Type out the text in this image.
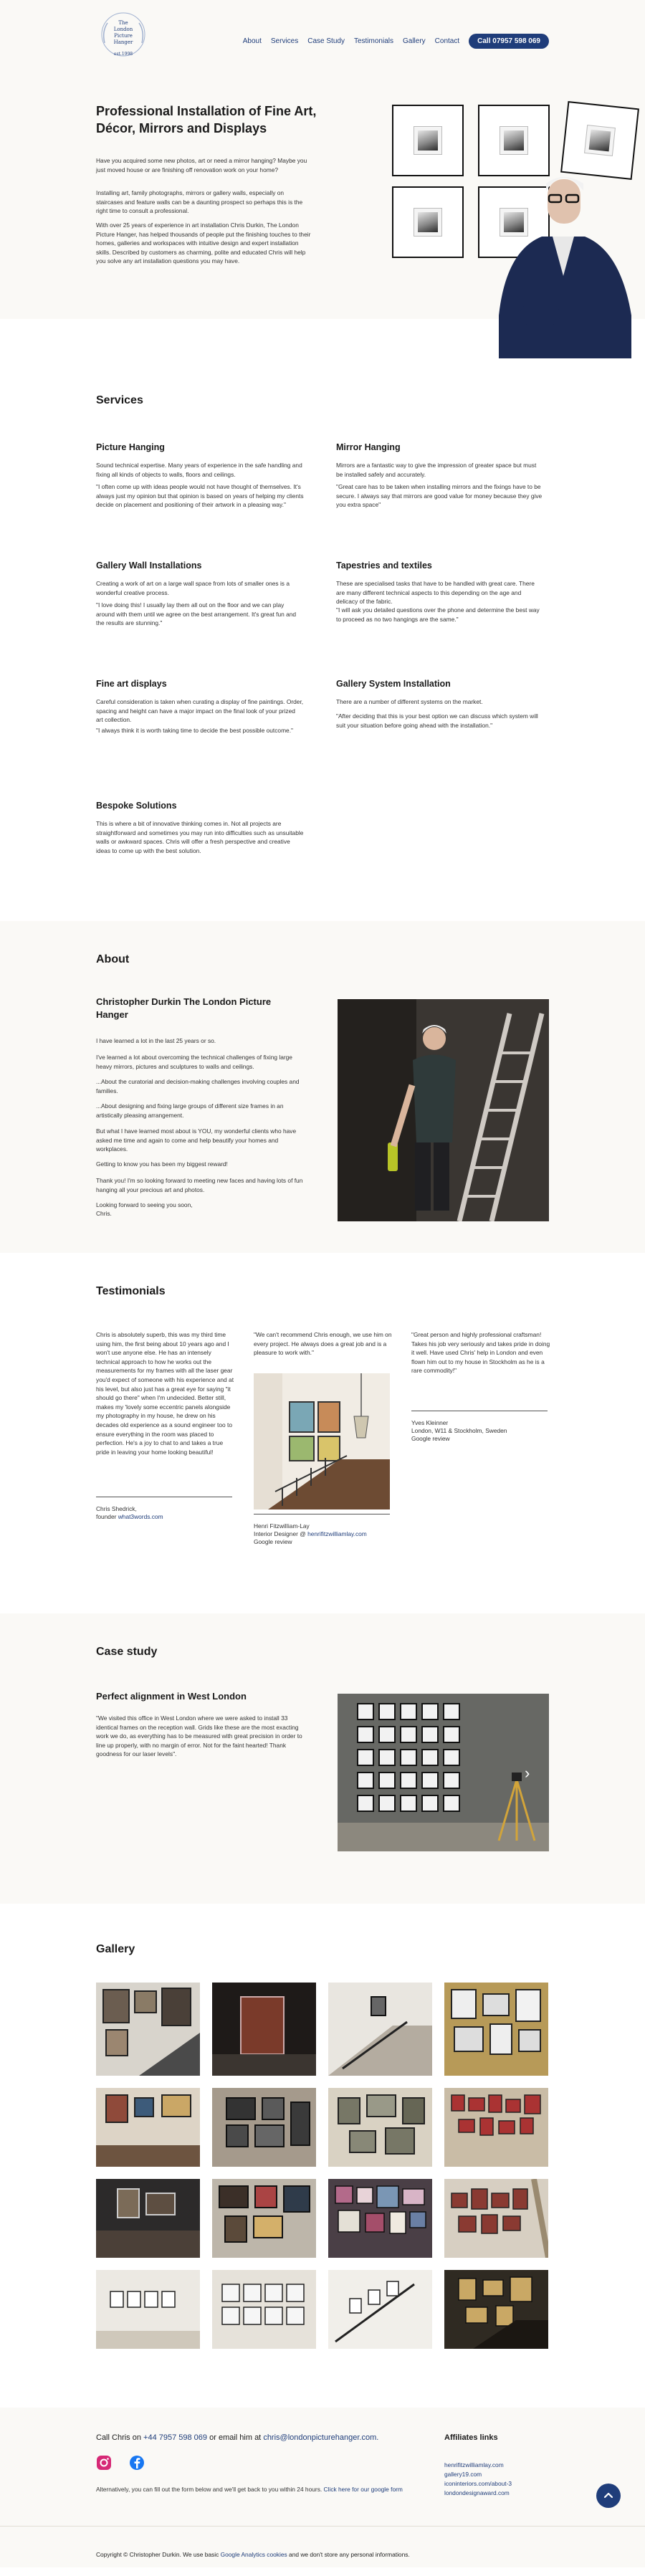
The
London
Picture
Hanger
est.1998
About Services Case Study Testimonials Gallery Contact	Call 07957 598 069
Professional Installation of Fine Art, Décor, Mirrors and Displays

Have you acquired some new photos, art or need a mirror hanging? Maybe you just moved house or are finishing off renovation work on your home?

Installing art, family photographs, mirrors or gallery walls, especially on staircases and feature walls can be a daunting prospect so perhaps this is the right time to consult a professional.

With over 25 years of experience in art installation Chris Durkin, The London Picture Hanger, has helped thousands of people put the finishing touches to their homes, galleries and workspaces with intuitive design and expert installation skills. Described by customers as charming, polite and educated Chris will help you solve any art installation questions you may have.

Services
Picture Hanging

Sound technical expertise. Many years of experience in the safe handling and fixing all kinds of objects to walls, floors and ceilings.

"I often come up with ideas people would not have thought of themselves. It's always just my opinion but that opinion is based on years of helping my clients decide on placement and positioning of their artwork in a pleasing way."

Mirror Hanging

Mirrors are a fantastic way to give the impression of greater space but must be installed safely and accurately.

"Great care has to be taken when installing mirrors and the fixings have to be secure. I always say that mirrors are good value for money because they give you extra space"

Gallery Wall Installations

Creating a work of art on a large wall space from lots of smaller ones is a wonderful creative process.

"I love doing this! I usually lay them all out on the floor and we can play around with them until we agree on the best arrangement. It's great fun and the results are stunning."

Tapestries and textiles

These are specialised tasks that have to be handled with great care. There are many different technical aspects to this depending on the age and delicacy of the fabric.

"I will ask you detailed questions over the phone and determine the best way to proceed as no two hangings are the same."

Fine art displays

Careful consideration is taken when curating a display of fine paintings. Order, spacing and height can have a major impact on the final look of your prized art collection.

"I always think it is worth taking time to decide the best possible outcome."

Gallery System Installation

There are a number of different systems on the market.

"After deciding that this is your best option we can discuss which system will suit your situation before going ahead with the installation."

Bespoke Solutions

This is where a bit of innovative thinking comes in. Not all projects are straightforward and sometimes you may run into difficulties such as unsuitable walls or awkward spaces. Chris will offer a fresh perspective and creative ideas to come up with the best solution.

About
Christopher Durkin The London Picture Hanger

I have learned a lot in the last 25 years or so.

I've learned a lot about overcoming the technical challenges of fixing large heavy mirrors, pictures and sculptures to walls and ceilings.

...About the curatorial and decision-making challenges involving couples and families.

...About designing and fixing large groups of different size frames in an artistically pleasing arrangement.

But what I have learned most about is YOU, my wonderful clients who have asked me time and again to come and help beautify your homes and workplaces.

Getting to know you has been my biggest reward!

Thank you! I'm so looking forward to meeting new faces and having lots of fun hanging all your precious art and photos.

Looking forward to seeing you soon,

Chris.

Testimonials

Chris is absolutely superb, this was my third time using him, the first being about 10 years ago and I won't use anyone else. He has an intensely technical approach to how he works out the measurements for my frames with all the laser gear you'd expect of someone with his experience and at his level, but also just has a great eye for saying "it should go there" when I'm undecided. Better still, makes my 'lovely some eccentric panels alongside my photography in my house, he drew on his decades old experience as a sound engineer too to ensure everything in the room was placed to perfection. He's a joy to chat to and takes a true pride in leaving your home looking beautiful!

Chris Shedrick,

founder what3words.com

"We can't recommend Chris enough, we use him on every project. He always does a great job and is a pleasure to work with."

Henri FitzwilIiam-Lay

Interior Designer @ henrifitzwilliamlay.com

Google review

"Great person and highly professional craftsman! Takes his job very seriously and takes pride in doing it well. Have used Chris' help in London and even flown him out to my house in Stockholm as he is a rare commodity!"

Yves Kleinner

London, W11 & Stockholm, Sweden

Google review

Case study
Perfect alignment in West London

"We visited this office in West London where we were asked to install 33 identical frames on the reception wall. Grids like these are the most exacting work we do, as everything has to be measured with great precision in order to line up properly, with no margin of error. Not for the faint hearted! Thank goodness for our laser levels".

›
Gallery

Call Chris on +44 7957 598 069 or email him at chris@londonpicturehanger.com.

Alternatively, you can fill out the form below and we'll get back to you within 24 hours. Click here for our google form

Affiliates links
henrifitzwilliamlay.com
gallery19.com
iconinteriors.com/about-3
londondesignaward.com

Copyright © Christopher Durkin. We use basic Google Analytics cookies and we don't store any personal informations.
